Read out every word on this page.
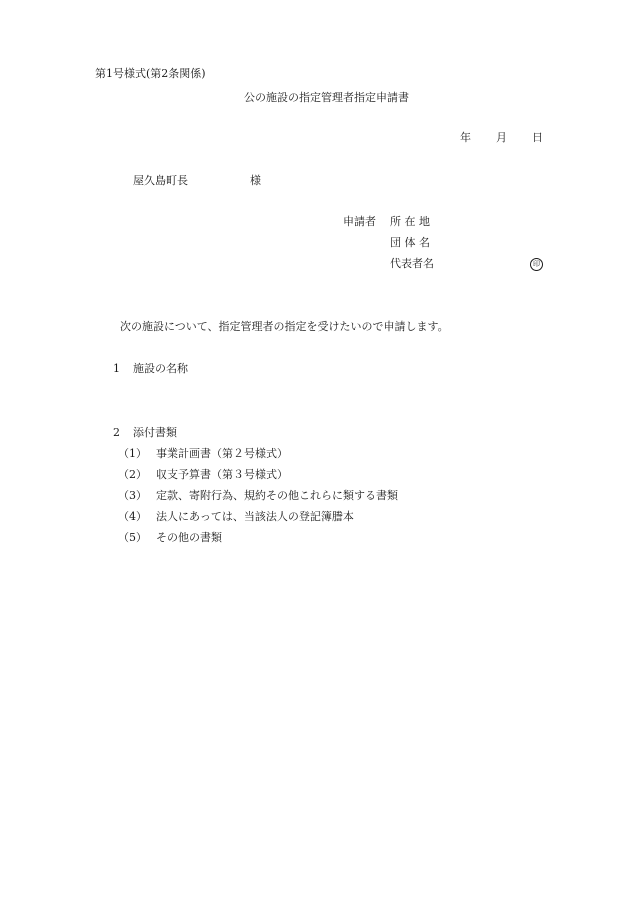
第1号様式(第2条関係)
公の施設の指定管理者指定申請書
年 月 日
屋久島町長	様
申請者 所 在 地
団 体 名
代表者名	印
次の施設について、指定管理者の指定を受けたいので申請します。
1 施設の名称
2 添付書類
（1） 事業計画書（第２号様式）
（2） 収支予算書（第３号様式）
（3） 定款、寄附行為、規約その他これらに類する書類
（4） 法人にあっては、当該法人の登記簿謄本
（5） その他の書類
